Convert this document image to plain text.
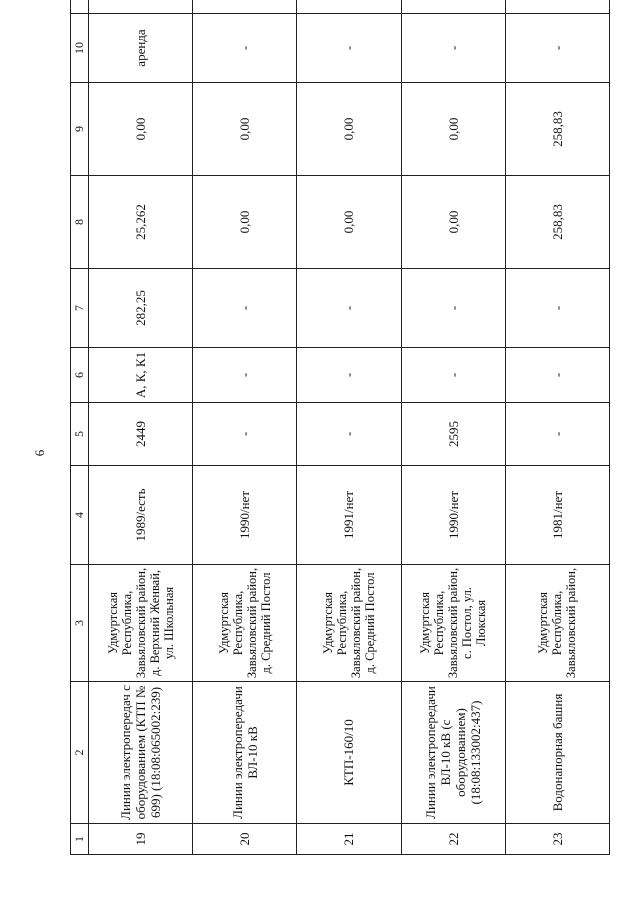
6
1	2	3	4	5	6	7	8	9	10	
19	Линии электропередач с оборудованием (КТП № 699) (18:08:065002:239)	Удмуртская Республика, Завьяловский район, д. Верхний Женвай, ул. Школьная	1989/есть	2449	А, К, К1	282,25	25,262	0,00	аренда	
20	Линии электропередачи ВЛ-10 кВ	Удмуртская Республика, Завьяловский район, д. Средний Постол	1990/нет	-	-	-	0,00	0,00	-	
21	КТП-160/10	Удмуртская Республика, Завьяловский район, д. Средний Постол	1991/нет	-	-	-	0,00	0,00	-	
22	Линии электропередачи ВЛ-10 кВ (с оборудованием) (18:08:133002:437)	Удмуртская Республика, Завьяловский район, с. Постол, ул. Люкская	1990/нет	2595	-	-	0,00	0,00	-	
23	Водонапорная башня	Удмуртская Республика, Завьяловский район,	1981/нет	-	-	-	258,83	258,83	-	
